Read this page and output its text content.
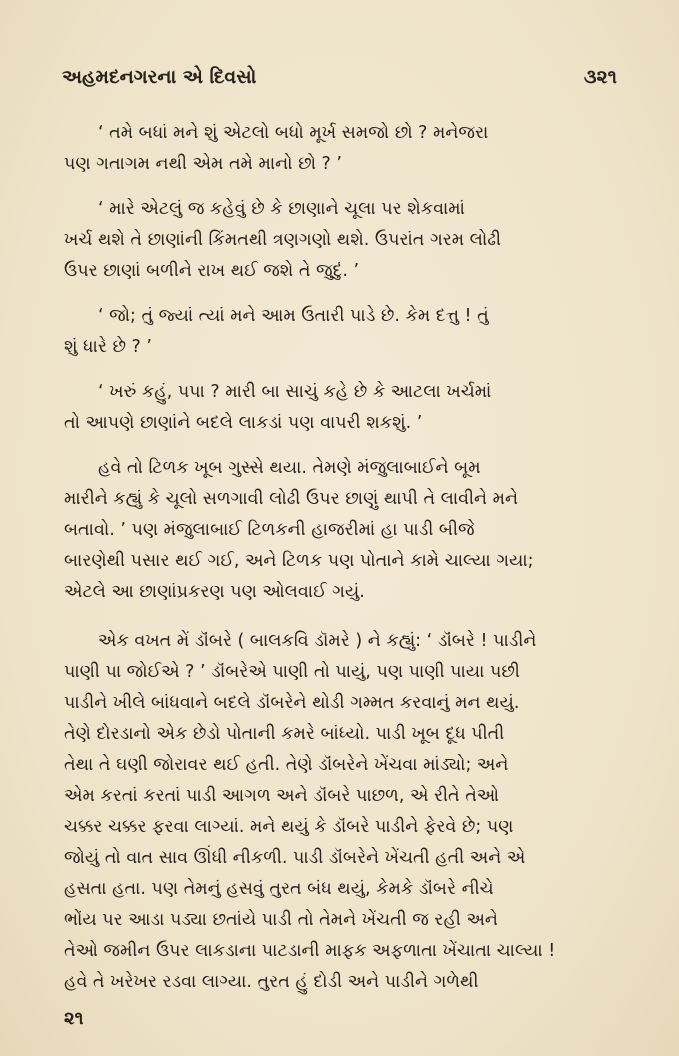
અહમદનગરના એ દિવસો	૩૨૧

‘ તમે બધાં મને શું એટલો બધો મૂર્ખ સમજો છો ? મનેજરા
પણ ગતાગમ નથી એમ તમે માનો છો ? ’

‘ મારે એટલું જ કહેવું છે કે છાણાને ચૂલા પર શેકવામાં
ખર્ચ થશે તે છાણાંની કિંમતથી ત્રણગણો થશે. ઉપરાંત ગરમ લોઢી
ઉપર છાણાં બળીને રાખ થઈ જશે તે જુદું. ’

‘ જો; તું જ્યાં ત્યાં મને આમ ઉતારી પાડે છે. કેમ દત્તુ ! તું
શું ધારે છે ? ’

‘ ખરું કહું, પપા ? મારી બા સાચું કહે છે કે આટલા ખર્ચમાં
તો આપણે છાણાંને બદલે લાકડાં પણ વાપરી શકશું. ’

હવે તો ટિળક ખૂબ ગુસ્સે થયા. તેમણે મંજુલાબાઈને બૂમ
મારીને કહ્યું કે ચૂલો સળગાવી લોઢી ઉપર છાણું થાપી તે લાવીને મને
બતાવો. ’ પણ મંજુલાબાઈ ટિળકની હાજરીમાં હા પાડી બીજે
બારણેથી પસાર થઈ ગઈ, અને ટિળક પણ પોતાને કામે ચાલ્યા ગયા;
એટલે આ છાણાંપ્રકરણ પણ ઓલવાઈ ગયું.

એક વખત મેં ડૉંબરે ( બાલકવિ ડૉમરે ) ને કહ્યું: ‘ ડૉંબરે ! પાડીને
પાણી પા જોઈએ ? ’ ડૉંબરેએ પાણી તો પાયું, પણ પાણી પાયા પછી
પાડીને ખીલે બાંધવાને બદલે ડૉંબરેને થોડી ગમ્મત કરવાનું મન થયું.
તેણે દોરડાનો એક છેડો પોતાની કમરે બાંધ્યો. પાડી ખૂબ દૂધ પીતી
તેથા તે ઘણી જોરાવર થઈ હતી. તેણે ડૉંબરેને ખેંચવા માંડ્યો; અને
એમ કરતાં કરતાં પાડી આગળ અને ડૉંબરે પાછળ, એ રીતે તેઓ
ચક્કર ચક્કર ફરવા લાગ્યાં. મને થયું કે ડૉંબરે પાડીને ફેરવે છે; પણ
જોયું તો વાત સાવ ઊંધી નીકળી. પાડી ડૉંબરેને ખેંચતી હતી અને એ
હસતા હતા. પણ તેમનું હસવું તુરત બંધ થયું, કેમકે ડૉંબરે નીચે
ભોંય પર આડા પડ્યા છતાંયે પાડી તો તેમને ખેંચતી જ રહી અને
તેઓ જમીન ઉપર લાકડાના પાટડાની માફક અફળાતા ખેંચાતા ચાલ્યા !
હવે તે ખરેખર રડવા લાગ્યા. તુરત હું દોડી અને પાડીને ગળેથી

૨૧
